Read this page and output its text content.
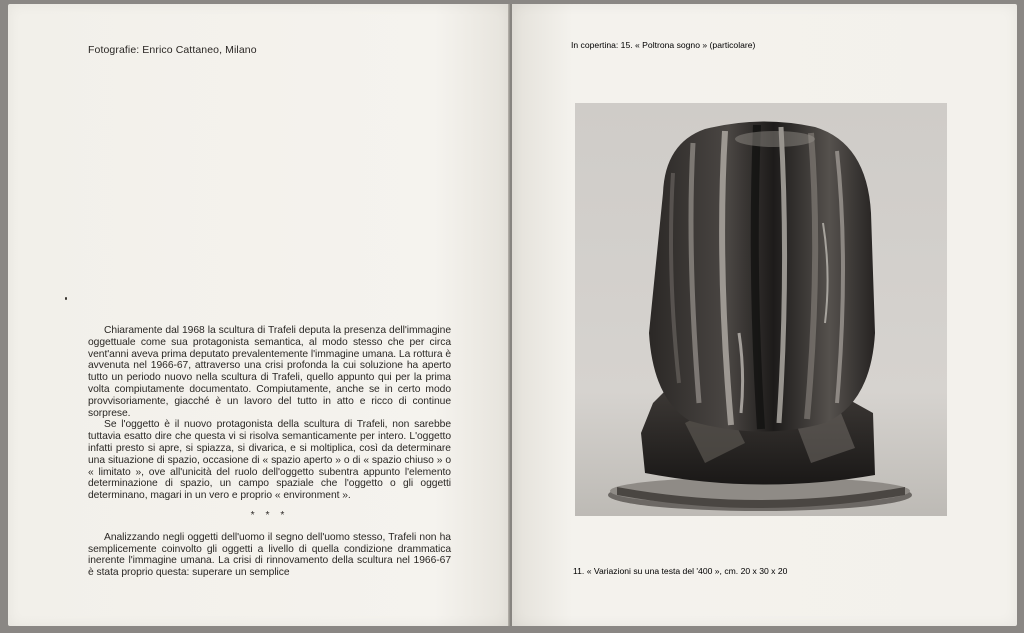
Fotografie: Enrico Cattaneo, Milano

Chiaramente dal 1968 la scultura di Trafeli deputa la presenza dell'immagine oggettuale come sua protagonista semantica, al modo stesso che per circa vent'anni aveva prima deputato prevalentemente l'immagine umana. La rottura è avvenuta nel 1966-67, attraverso una crisi profonda la cui soluzione ha aperto tutto un periodo nuovo nella scultura di Trafeli, quello appunto qui per la prima volta compiutamente documentato. Compiutamente, anche se in certo modo provvisoriamente, giacché è un lavoro del tutto in atto e ricco di continue sorprese.

Se l'oggetto è il nuovo protagonista della scultura di Trafeli, non sarebbe tuttavia esatto dire che questa vi si risolva semanticamente per intero. L'oggetto infatti presto si apre, si spiazza, si divarica, e si moltiplica, così da determinare una situazione di spazio, occasione di « spazio aperto » o di « spazio chiuso » o « limitato », ove all'unicità del ruolo dell'oggetto subentra appunto l'elemento determinazione di spazio, un campo spaziale che l'oggetto o gli oggetti determinano, magari in un vero e proprio « environment ».

* * *

Analizzando negli oggetti dell'uomo il segno dell'uomo stesso, Trafeli non ha semplicemente coinvolto gli oggetti a livello di quella condizione drammatica inerente l'immagine umana. La crisi di rinnovamento della scultura nel 1966-67 è stata proprio questa: superare un semplice

In copertina: 15. « Poltrona sogno » (particolare)
11. « Variazioni su una testa del '400 », cm. 20 x 30 x 20
